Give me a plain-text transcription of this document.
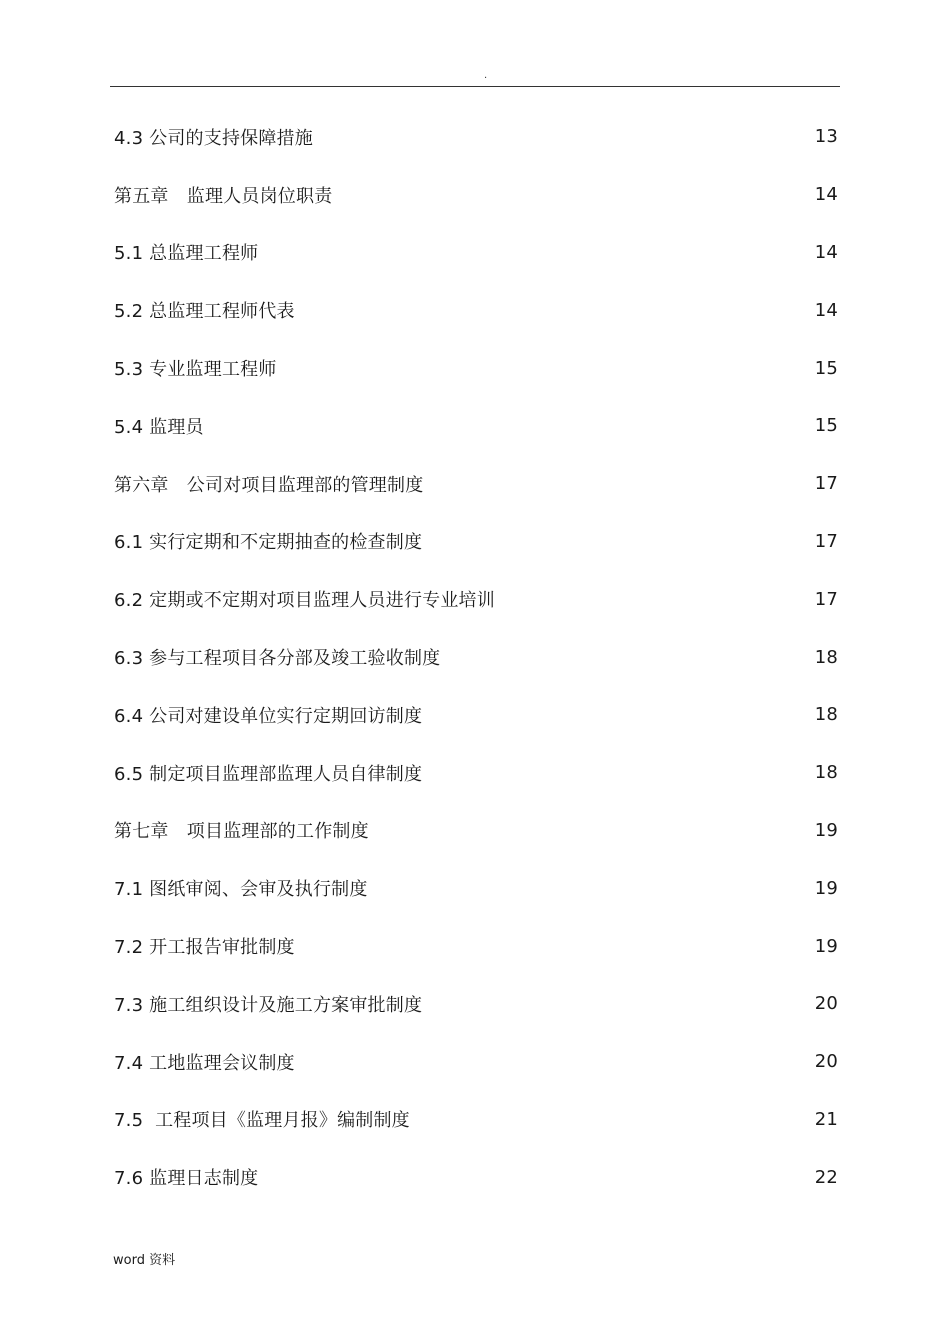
.
4.3 公司的支持保障措施	13
第五章　监理人员岗位职责	14
5.1 总监理工程师	14
5.2 总监理工程师代表	14
5.3 专业监理工程师	15
5.4 监理员	15
第六章　公司对项目监理部的管理制度	17
6.1 实行定期和不定期抽查的检查制度	17
6.2 定期或不定期对项目监理人员进行专业培训	17
6.3 参与工程项目各分部及竣工验收制度	18
6.4 公司对建设单位实行定期回访制度	18
6.5 制定项目监理部监理人员自律制度	18
第七章　项目监理部的工作制度	19
7.1 图纸审阅、会审及执行制度	19
7.2 开工报告审批制度	19
7.3 施工组织设计及施工方案审批制度	20
7.4 工地监理会议制度	20
7.5  工程项目《监理月报》编制制度	21
7.6 监理日志制度	22
word 资料
